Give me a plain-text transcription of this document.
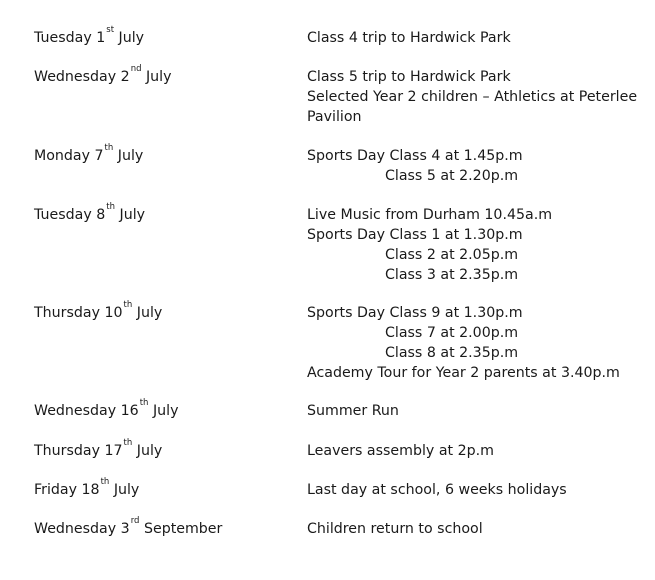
Tuesday 1st July	Class 4 trip to Hardwick Park
Wednesday 2nd July	Class 5 trip to Hardwick Park
Selected Year 2 children – Athletics at Peterlee
Pavilion
Monday 7th July	Sports Day Class 4 at 1.45p.m
Class 5 at 2.20p.m
Tuesday 8th July	Live Music from Durham 10.45a.m
Sports Day Class 1 at 1.30p.m
Class 2 at 2.05p.m
Class 3 at 2.35p.m
Thursday 10th July	Sports Day Class 9 at 1.30p.m
Class 7 at 2.00p.m
Class 8 at 2.35p.m
Academy Tour for Year 2 parents at 3.40p.m
Wednesday 16th July	Summer Run
Thursday 17th July	Leavers assembly at 2p.m
Friday 18th July	Last day at school, 6 weeks holidays
Wednesday 3rd September	Children return to school
